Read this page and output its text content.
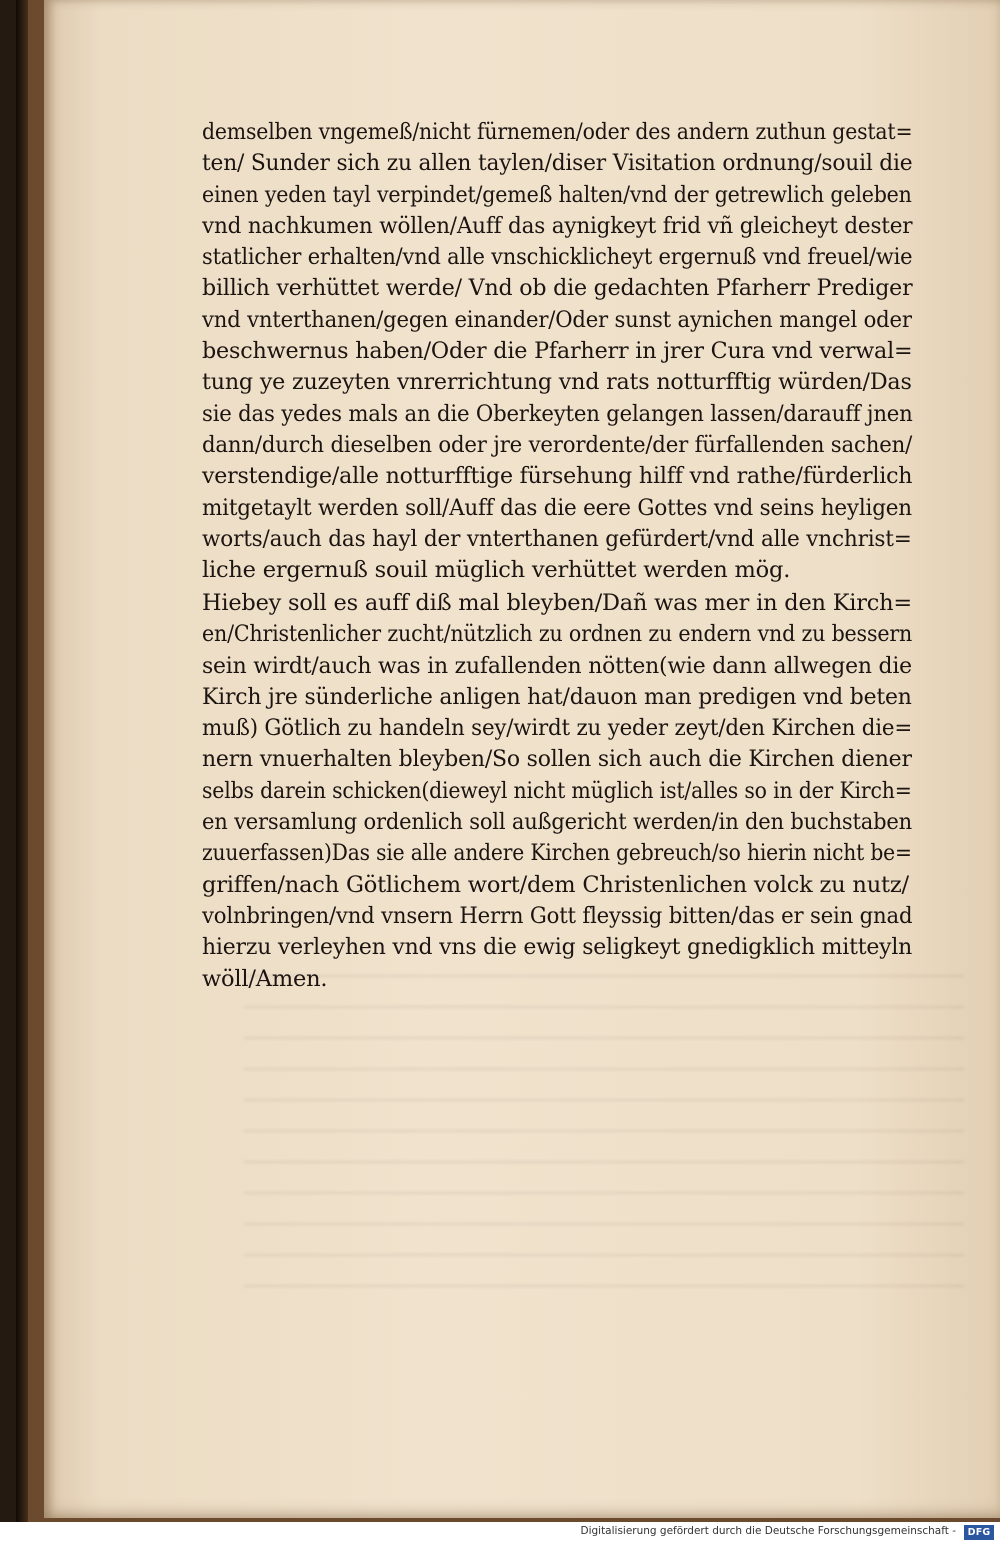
demselben vngemeß/nicht fürnemen/oder des andern zuthun gestat=
ten/ Sunder sich zu allen taylen/diser Visitation ordnung/souil die
einen yeden tayl verpindet/gemeß halten/vnd der getrewlich geleben
vnd nachkumen wöllen/Auff das aynigkeyt frid vñ gleicheyt dester
statlicher erhalten/vnd alle vnschicklicheyt ergernuß vnd freuel/wie
billich verhüttet werde/ Vnd ob die gedachten Pfarherr Prediger
vnd vnterthanen/gegen einander/Oder sunst aynichen mangel oder
beschwernus haben/Oder die Pfarherr in jrer Cura vnd verwal=
tung ye zuzeyten vnrerrichtung vnd rats notturfftig würden/Das
sie das yedes mals an die Oberkeyten gelangen lassen/darauff jnen
dann/durch dieselben oder jre verordente/der fürfallenden sachen/
verstendige/alle notturfftige fürsehung hilff vnd rathe/fürderlich
mitgetaylt werden soll/Auff das die eere Gottes vnd seins heyligen
worts/auch das hayl der vnterthanen gefürdert/vnd alle vnchrist=
liche ergernuß souil müglich verhüttet werden mög.
Hiebey soll es auff diß mal bleyben/Dañ was mer in den Kirch=
en/Christenlicher zucht/nützlich zu ordnen zu endern vnd zu bessern
sein wirdt/auch was in zufallenden nötten(wie dann allwegen die
Kirch jre sünderliche anligen hat/dauon man predigen vnd beten
muß) Götlich zu handeln sey/wirdt zu yeder zeyt/den Kirchen die=
nern vnuerhalten bleyben/So sollen sich auch die Kirchen diener
selbs darein schicken(dieweyl nicht müglich ist/alles so in der Kirch=
en versamlung ordenlich soll außgericht werden/in den buchstaben
zuuerfassen)Das sie alle andere Kirchen gebreuch/so hierin nicht be=
griffen/nach Götlichem wort/dem Christenlichen volck zu nutz/
volnbringen/vnd vnsern Herrn Gott fleyssig bitten/das er sein gnad
hierzu verleyhen vnd vns die ewig seligkeyt gnedigklich mitteyln
wöll/Amen.
Digitalisierung gefördert durch die Deutsche Forschungsgemeinschaft -	DFG
